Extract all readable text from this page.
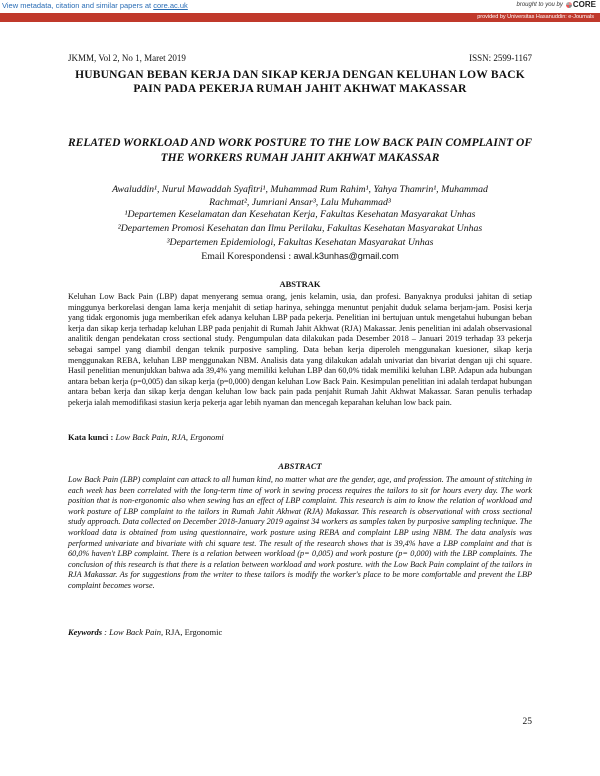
View metadata, citation and similar papers at core.ac.uk	brought to you by CORE
provided by Universitas Hasanuddin: e-Journals
JKMM, Vol 2, No 1, Maret 2019	ISSN: 2599-1167
HUBUNGAN BEBAN KERJA DAN SIKAP KERJA DENGAN KELUHAN LOW BACK PAIN PADA PEKERJA RUMAH JAHIT AKHWAT MAKASSAR
RELATED WORKLOAD AND WORK POSTURE TO THE LOW BACK PAIN COMPLAINT OF THE WORKERS RUMAH JAHIT AKHWAT MAKASSAR
Awaluddin¹, Nurul Mawaddah Syafitri¹, Muhammad Rum Rahim¹, Yahya Thamrin¹, Muhammad
Rachmat², Jumriani Ansar³, Lalu Muhammad³
¹Departemen Keselamatan dan Kesehatan Kerja, Fakultas Kesehatan Masyarakat Unhas
²Departemen Promosi Kesehatan dan Ilmu Perilaku, Fakultas Kesehatan Masyarakat Unhas
³Departemen Epidemiologi, Fakultas Kesehatan Masyarakat Unhas
Email Korespondensi : awal.k3unhas@gmail.com
ABSTRAK
Keluhan Low Back Pain (LBP) dapat menyerang semua orang, jenis kelamin, usia, dan profesi. Banyaknya produksi jahitan di setiap minggunya berkorelasi dengan lama kerja menjahit di setiap harinya, sehingga menuntut penjahit duduk selama berjam-jam. Posisi kerja yang tidak ergonomis juga memberikan efek adanya keluhan LBP pada pekerja. Penelitian ini bertujuan untuk mengetahui hubungan beban kerja dan sikap kerja terhadap keluhan LBP pada penjahit di Rumah Jahit Akhwat (RJA) Makassar. Jenis penelitian ini adalah observasional analitik dengan pendekatan cross sectional study. Pengumpulan data dilakukan pada Desember 2018 – Januari 2019 terhadap 33 pekerja sebagai sampel yang diambil dengan teknik purposive sampling. Data beban kerja diperoleh menggunakan kuesioner, sikap kerja menggunakan REBA, keluhan LBP menggunakan NBM. Analisis data yang dilakukan adalah univariat dan bivariat dengan uji chi square. Hasil penelitian menunjukkan bahwa ada 39,4% yang memiliki keluhan LBP dan 60,0% tidak memiliki keluhan LBP. Adapun ada hubungan antara beban kerja (p=0,005) dan sikap kerja (p=0,000) dengan keluhan Low Back Pain. Kesimpulan penelitian ini adalah terdapat hubungan antara beban kerja dan sikap kerja dengan keluhan low back pain pada penjahit Rumah Jahit Akhwat Makassar. Saran penulis terhadap pekerja ialah memodifikasi stasiun kerja pekerja agar lebih nyaman dan mencegah keparahan keluhan low back pain.
Kata kunci : Low Back Pain, RJA, Ergonomi
ABSTRACT
Low Back Pain (LBP) complaint can attack to all human kind, no matter what are the gender, age, and profession. The amount of stitching in each week has been correlated with the long-term time of work in sewing process requires the tailors to sit for hours every day. The work position that is non-ergonomic also when sewing has an effect of LBP complaint. This research is aim to know the relation of workload and work posture of LBP complaint to the tailors in Rumah Jahit Akhwat (RJA) Makassar. This research is observational with cross sectional study approach. Data collected on December 2018-January 2019 against 34 workers as samples taken by purposive sampling technique. The workload data is obtained from using questionnaire, work posture using REBA and complaint LBP using NBM. The data analysis was performed univariate and bivariate with chi square test. The result of the research shows that is 39,4% have a LBP complaint and that is 60,0% haven't LBP complaint. There is a relation between workload (p= 0,005) and work posture (p= 0,000) with the LBP complaints. The conclusion of this research is that there is a relation between workload and work posture. with the Low Back Pain complaint of the tailors in RJA Makassar. As for suggestions from the writer to these tailors is modify the worker's place to be more comfortable and prevent the LBP complaint becomes worse.
Keywords : Low Back Pain, RJA, Ergonomic
25
